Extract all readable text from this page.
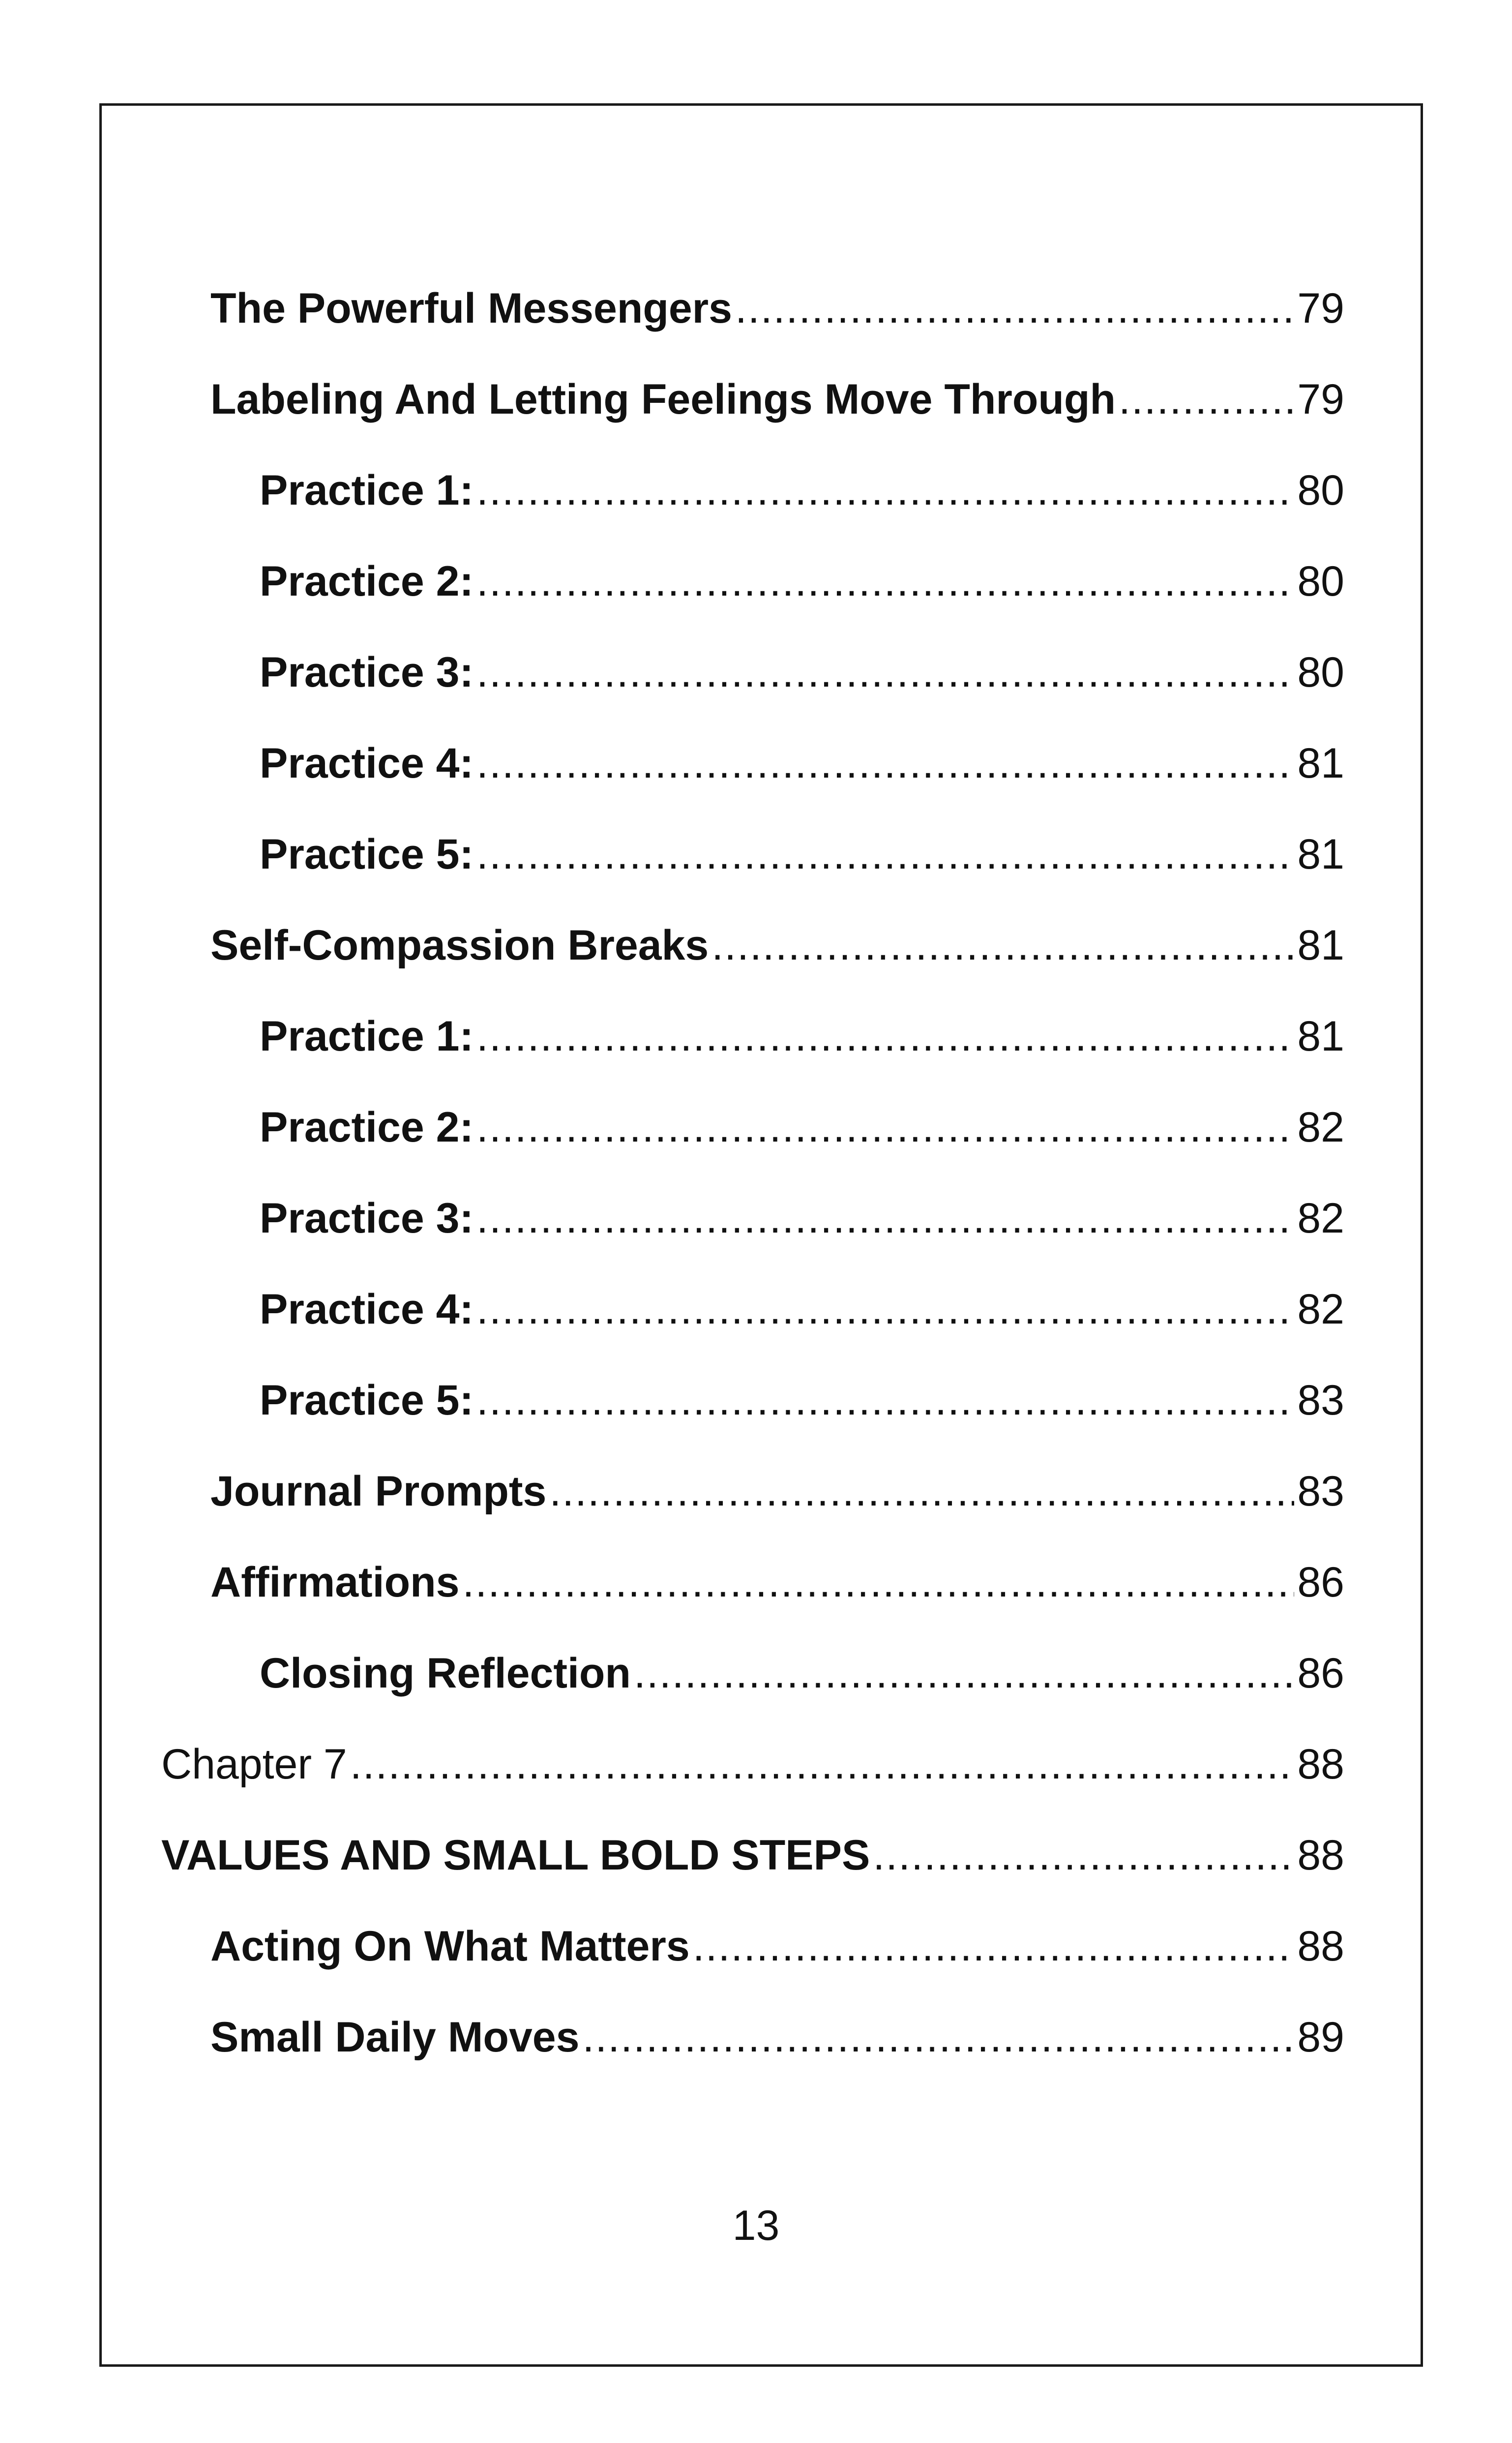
The Powerful Messengers .....	79
Labeling And Letting Feelings Move Through .....	79
Practice 1: .....	80
Practice 2: .....	80
Practice 3: .....	80
Practice 4: .....	81
Practice 5: .....	81
Self-Compassion Breaks .....	81
Practice 1: .....	81
Practice 2: .....	82
Practice 3: .....	82
Practice 4: .....	82
Practice 5: .....	83
Journal Prompts .....	83
Affirmations .....	86
Closing Reflection .....	86
Chapter 7 .....	88
VALUES AND SMALL BOLD STEPS .....	88
Acting On What Matters .....	88
Small Daily Moves .....	89
13
